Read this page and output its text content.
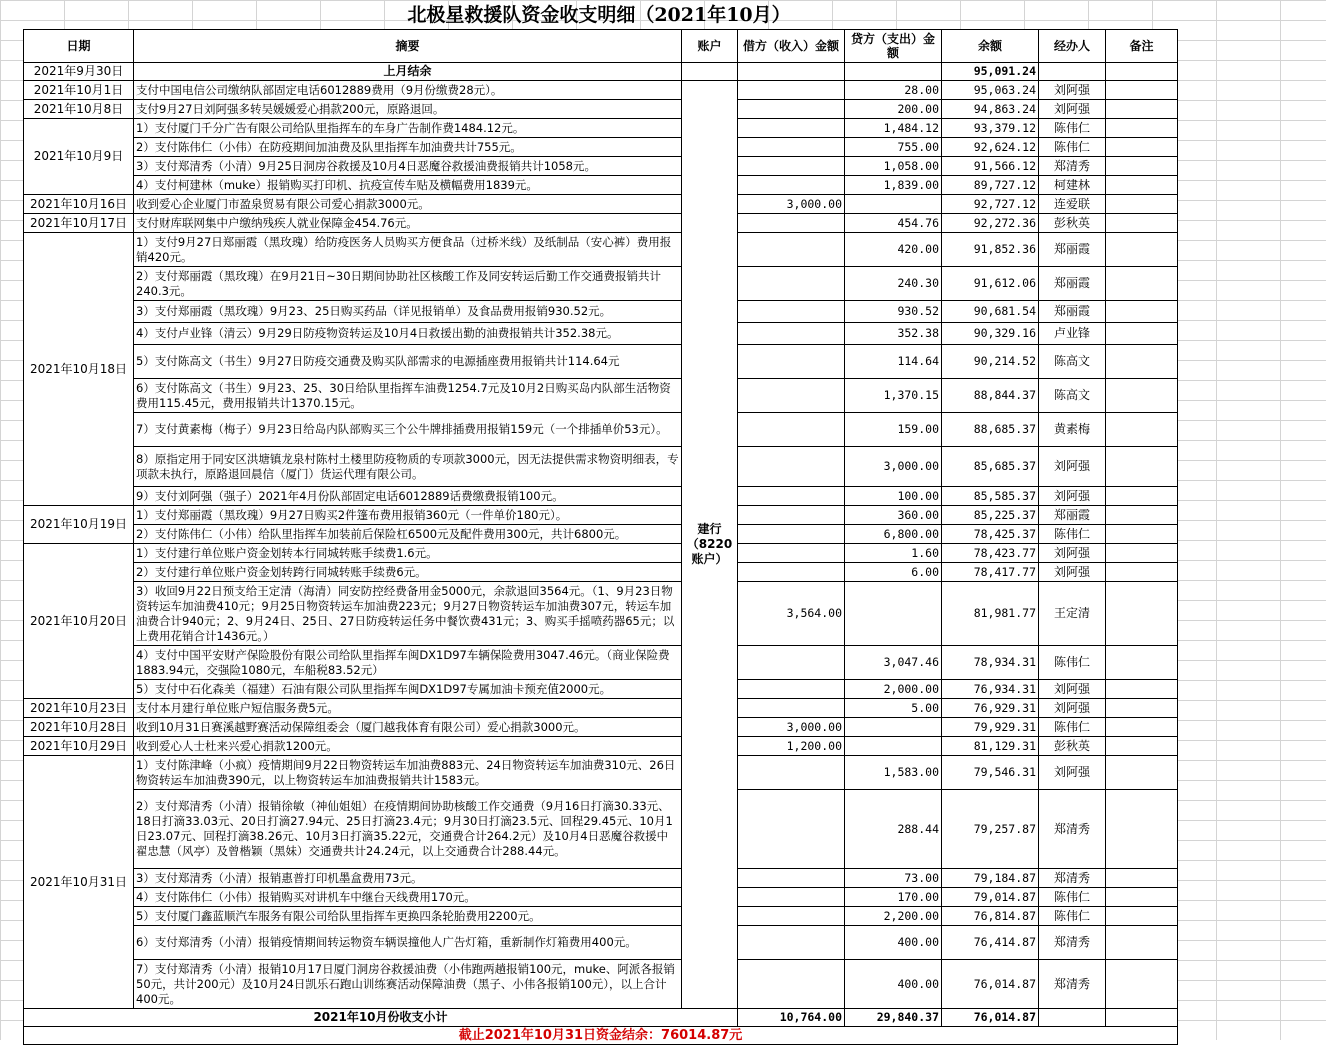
北极星救援队资金收支明细（2021年10月）
日期	摘要	账户	借方（收入）金额	贷方（支出）金额	余额	经办人	备注
2021年9月30日	上月结余				95,091.24		
2021年10月1日	支付中国电信公司缴纳队部固定电话6012889费用（9月份缴费28元）。	建行（8220账户）		28.00	95,063.24	刘阿强	
2021年10月8日	支付9月27日刘阿强多转吴媛媛爱心捐款200元，原路退回。			200.00	94,863.24	刘阿强	
2021年10月9日	1）支付厦门千分广告有限公司给队里指挥车的车身广告制作费1484.12元。			1,484.12	93,379.12	陈伟仁	
	2）支付陈伟仁（小伟）在防疫期间加油费及队里指挥车加油费共计755元。			755.00	92,624.12	陈伟仁	
	3）支付郑清秀（小清）9月25日洞房谷救援及10月4日恶魔谷救援油费报销共计1058元。			1,058.00	91,566.12	郑清秀	
	4）支付柯建林（muke）报销购买打印机、抗疫宣传车贴及横幅费用1839元。			1,839.00	89,727.12	柯建林	
2021年10月16日	收到爱心企业厦门市盈泉贸易有限公司爱心捐款3000元。		3,000.00		92,727.12	连爱联	
2021年10月17日	支付财库联网集中户缴纳残疾人就业保障金454.76元。			454.76	92,272.36	彭秋英	
2021年10月18日	1）支付9月27日郑丽霞（黑玫瑰）给防疫医务人员购买方便食品（过桥米线）及纸制品（安心裤）费用报销420元。			420.00	91,852.36	郑丽霞	
	2）支付郑丽霞（黑玫瑰）在9月21日~30日期间协助社区核酸工作及同安转运后勤工作交通费报销共计240.3元。			240.30	91,612.06	郑丽霞	
	3）支付郑丽霞（黑玫瑰）9月23、25日购买药品（详见报销单）及食品费用报销930.52元。			930.52	90,681.54	郑丽霞	
	4）支付卢业锋（清云）9月29日防疫物资转运及10月4日救援出勤的油费报销共计352.38元。			352.38	90,329.16	卢业锋	
	5）支付陈高文（书生）9月27日防疫交通费及购买队部需求的电源插座费用报销共计114.64元			114.64	90,214.52	陈高文	
	6）支付陈高文（书生）9月23、25、30日给队里指挥车油费1254.7元及10月2日购买岛内队部生活物资费用115.45元，费用报销共计1370.15元。			1,370.15	88,844.37	陈高文	
	7）支付黄素梅（梅子）9月23日给岛内队部购买三个公牛牌排插费用报销159元（一个排插单价53元）。			159.00	88,685.37	黄素梅	
	8）原指定用于同安区洪塘镇龙泉村陈村土楼里防疫物质的专项款3000元，因无法提供需求物资明细表，专项款未执行，原路退回晨信（厦门）货运代理有限公司。			3,000.00	85,685.37	刘阿强	
	9）支付刘阿强（强子）2021年4月份队部固定电话6012889话费缴费报销100元。			100.00	85,585.37	刘阿强	
2021年10月19日	1）支付郑丽霞（黑玫瑰）9月27日购买2件篷布费用报销360元（一件单价180元）。			360.00	85,225.37	郑丽霞	
	2）支付陈伟仁（小伟）给队里指挥车加装前后保险杠6500元及配件费用300元，共计6800元。			6,800.00	78,425.37	陈伟仁	
2021年10月20日	1）支付建行单位账户资金划转本行同城转账手续费1.6元。			1.60	78,423.77	刘阿强	
	2）支付建行单位账户资金划转跨行同城转账手续费6元。			6.00	78,417.77	刘阿强	
	3）收回9月22日预支给王定清（海清）同安防控经费备用金5000元，余款退回3564元。（1、9月23日物资转运车加油费410元；9月25日物资转运车加油费223元；9月27日物资转运车加油费307元，转运车加油费合计940元；2、9月24日、25日、27日防疫转运任务中餐饮费431元；3、购买手摇喷药器65元；以上费用花销合计1436元。）		3,564.00		81,981.77	王定清	
	4）支付中国平安财产保险股份有限公司给队里指挥车闽DX1D97车辆保险费用3047.46元。（商业保险费1883.94元，交强险1080元，车船税83.52元）			3,047.46	78,934.31	陈伟仁	
	5）支付中石化森美（福建）石油有限公司队里指挥车闽DX1D97专属加油卡预充值2000元。			2,000.00	76,934.31	刘阿强	
2021年10月23日	支付本月建行单位账户短信服务费5元。			5.00	76,929.31	刘阿强	
2021年10月28日	收到10月31日赛溪越野赛活动保障组委会（厦门越我体育有限公司）爱心捐款3000元。		3,000.00		79,929.31	陈伟仁	
2021年10月29日	收到爱心人士杜来兴爱心捐款1200元。		1,200.00		81,129.31	彭秋英	
2021年10月31日	1）支付陈津峰（小疯）疫情期间9月22日物资转运车加油费883元、24日物资转运车加油费310元、26日物资转运车加油费390元，以上物资转运车加油费报销共计1583元。			1,583.00	79,546.31	刘阿强	
	2）支付郑清秀（小清）报销徐敏（神仙姐姐）在疫情期间协助核酸工作交通费（9月16日打滴30.33元、18日打滴33.03元、20日打滴27.94元、25日打滴23.4元；9月30日打滴23.5元、回程29.45元、10月1日23.07元、回程打滴38.26元、10月3日打滴35.22元，交通费合计264.2元）及10月4日恶魔谷救援中翟忠慧（风亭）及曾楷颖（黑妹）交通费共计24.24元，以上交通费合计288.44元。			288.44	79,257.87	郑清秀	
	3）支付郑清秀（小清）报销惠普打印机墨盒费用73元。			73.00	79,184.87	郑清秀	
	4）支付陈伟仁（小伟）报销购买对讲机车中继台天线费用170元。			170.00	79,014.87	陈伟仁	
	5）支付厦门鑫蓝顺汽车服务有限公司给队里指挥车更换四条轮胎费用2200元。			2,200.00	76,814.87	陈伟仁	
	6）支付郑清秀（小清）报销疫情期间转运物资车辆误撞他人广告灯箱，重新制作灯箱费用400元。			400.00	76,414.87	郑清秀	
	7）支付郑清秀（小清）报销10月17日厦门洞房谷救援油费（小伟跑两趟报销100元，muke、阿派各报销50元，共计200元）及10月24日凯乐石跑山训练赛活动保障油费（黑子、小伟各报销100元），以上合计400元。			400.00	76,014.87	郑清秀	
2021年10月份收支小计			10,764.00	29,840.37	76,014.87		
截止2021年10月31日资金结余：76014.87元							
